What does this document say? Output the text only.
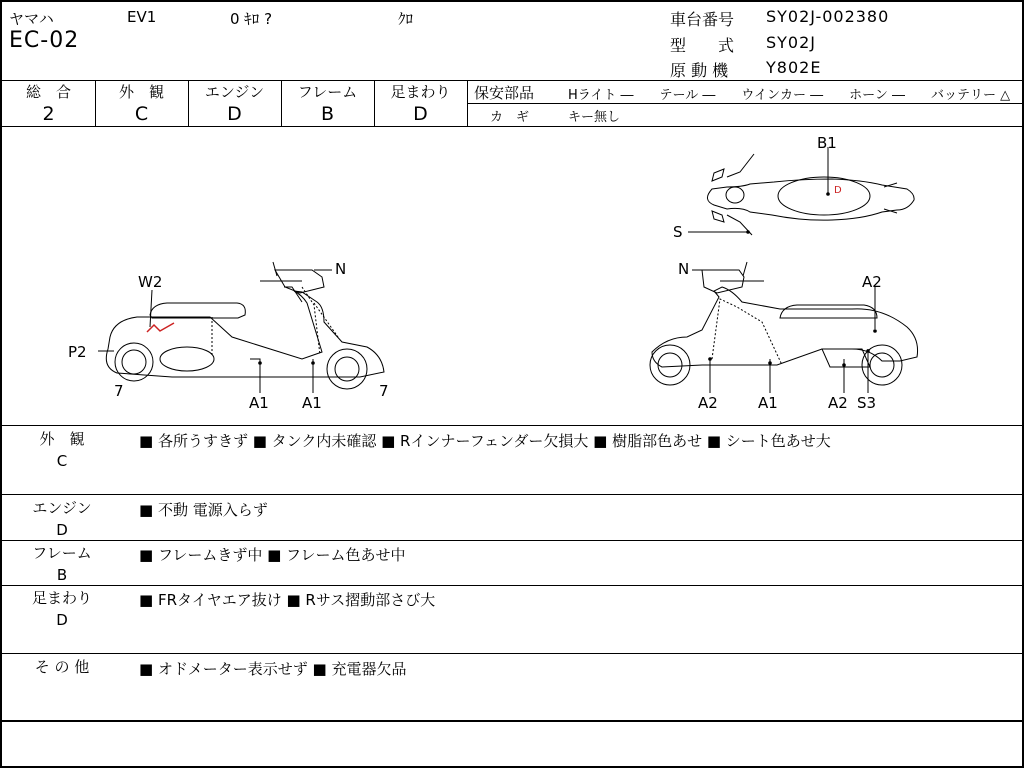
ヤマハ	EV1	0 ｷﾛ ?	ｸﾛ
EC-02
車台番号 SY02J-002380
型　　式 SY02J
原 動 機 Y802E
総　合
2
外　観
C
エンジン
D
フレーム
B
足まわり
D
保安部品	Hライト ―　　テール ―　　ウインカー ―　　ホーン ―　　バッテリー △
カ　ギ	キー無し
D
W2
N
P2
7
A1 A1
7
B1
S
N
A2
A2	A1	A2 S3
外　観
C
■ 各所うすきず ■ タンク内未確認 ■ Rインナーフェンダー欠損大 ■ 樹脂部色あせ ■ シート色あせ大
エンジン
D
■ 不動 電源入らず
フレーム
B
■ フレームきず中 ■ フレーム色あせ中
足まわり
D
■ FRタイヤエア抜け ■ Rサス摺動部さび大
そ の 他	■ オドメーター表示せず ■ 充電器欠品
